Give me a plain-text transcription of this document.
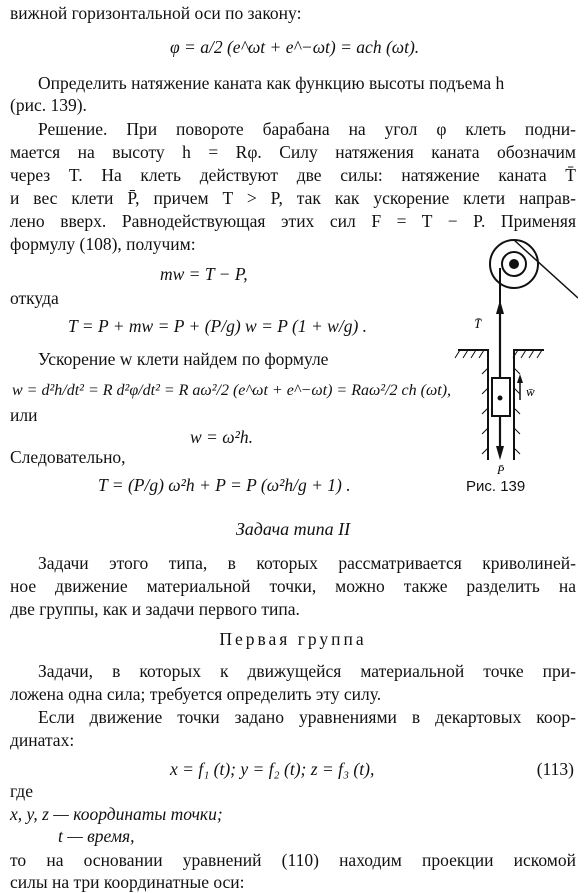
вижной горизонтальной оси по закону:
φ = a/2 (e^ωt + e^−ωt) = ach (ωt).
Определить натяжение каната как функцию высоты подъема h
(рис. 139).
Решение. При повороте барабана на угол φ клеть подни-
мается на высоту h = Rφ. Силу натяжения каната обозначим
через T. На клеть действуют две силы: натяжение каната T̄
и вес клети P̄, причем T > P, так как ускорение клети направ-
лено вверх. Равнодействующая этих сил F = T − P. Применяя
формулу (108), получим:
mw = T − P,
откуда
T = P + mw = P + (P/g) w = P (1 + w/g) .
Ускорение w клети найдем по формуле
w = d²h/dt² = R d²φ/dt² = R aω²/2 (e^ωt + e^−ωt) = Raω²/2 ch (ωt),
или
w = ω²h.
Следовательно,
T = (P/g) ω²h + P = P (ω²h/g + 1) .
T̄
P̄
w̄
Рис. 139
Задача типа II
Задачи этого типа, в которых рассматривается криволиней-
ное движение материальной точки, можно также разделить на
две группы, как и задачи первого типа.
Первая группа
Задачи, в которых к движущейся материальной точке при-
ложена одна сила; требуется определить эту силу.
Если движение точки задано уравнениями в декартовых коор-
динатах:
x = f₁ (t); y = f₂ (t); z = f₃ (t),	(113)
где
x, y, z — координаты точки;
t — время,
то на основании уравнений (110) находим проекции искомой
силы на три координатные оси:
